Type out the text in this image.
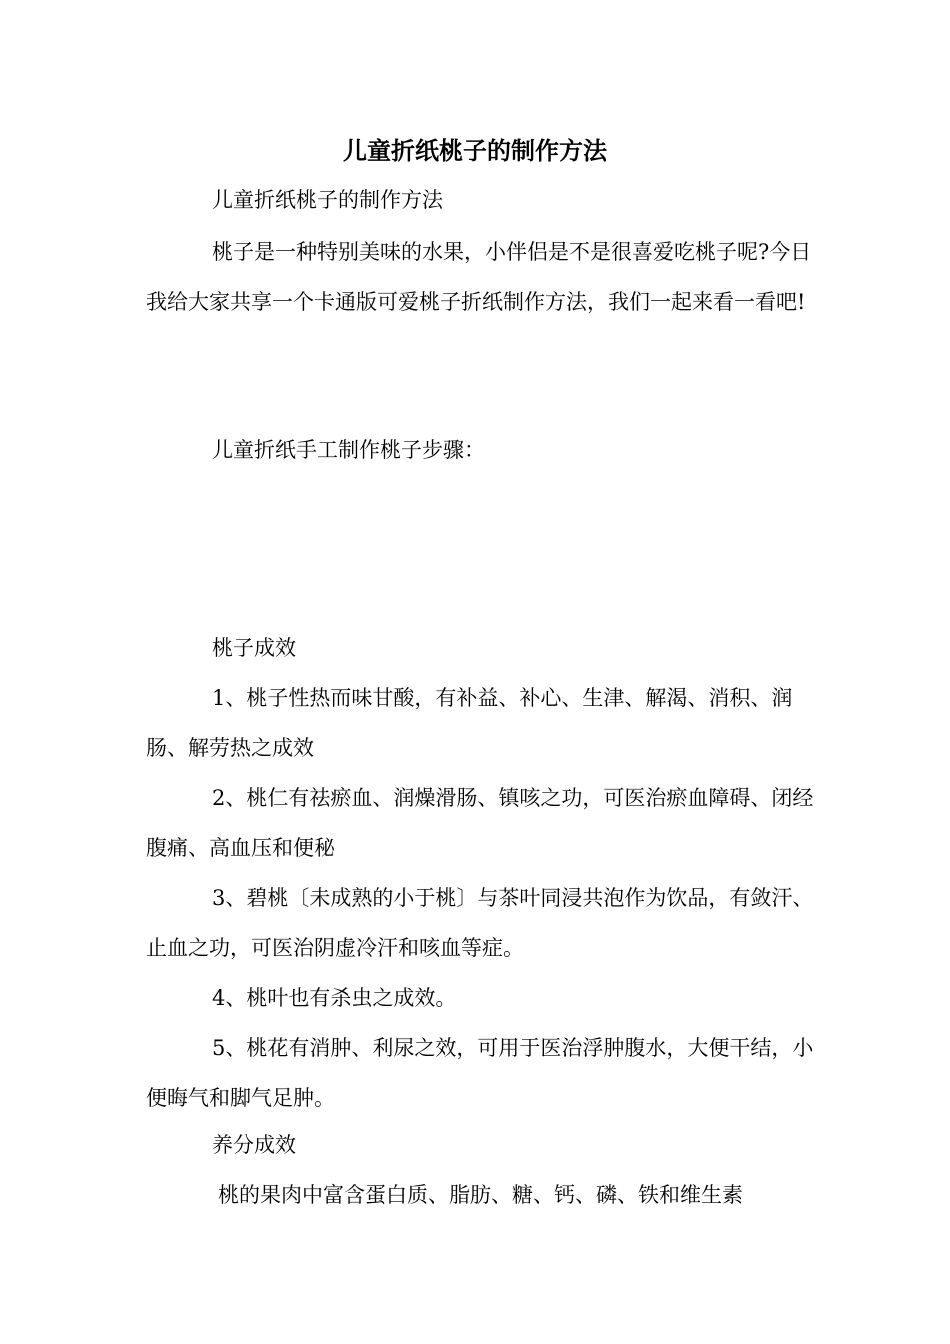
儿童折纸桃子的制作方法

儿童折纸桃子的制作方法

桃子是一种特别美味的水果，小伴侣是不是很喜爱吃桃子呢?今日我给大家共享一个卡通版可爱桃子折纸制作方法，我们一起来看一看吧!

儿童折纸手工制作桃子步骤：

桃子成效

1、桃子性热而味甘酸，有补益、补心、生津、解渴、消积、润肠、解劳热之成效

2、桃仁有祛瘀血、润燥滑肠、镇咳之功，可医治瘀血障碍、闭经腹痛、高血压和便秘

3、碧桃〔未成熟的小于桃〕与茶叶同浸共泡作为饮品，有敛汗、止血之功，可医治阴虚冷汗和咳血等症。

4、桃叶也有杀虫之成效。

5、桃花有消肿、利尿之效，可用于医治浮肿腹水，大便干结，小便晦气和脚气足肿。

养分成效

桃的果肉中富含蛋白质、脂肪、糖、钙、磷、铁和维生素
